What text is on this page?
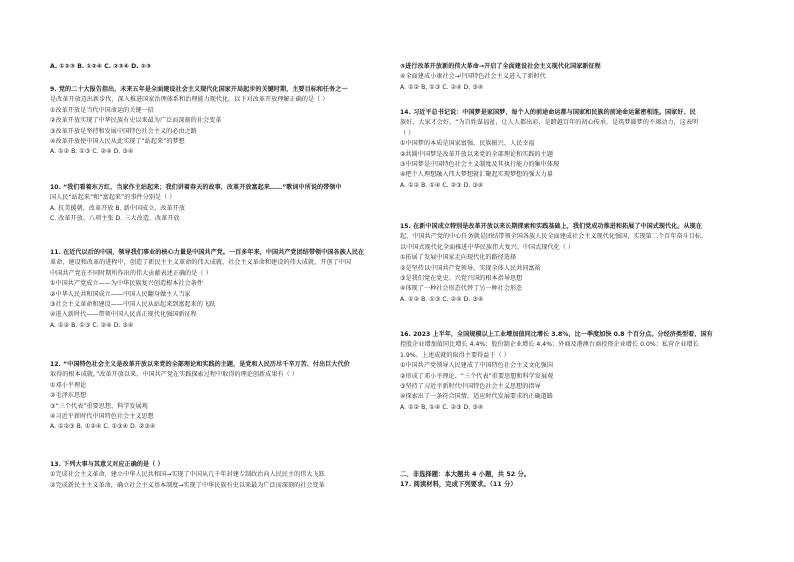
A. ①②③ B. ①②④ C. ②③④ D. ②③
9. 党的二十大报告指出，未来五年是全面建设社会主义现代化国家开局起步的关键时期，主要目标和任务之一
是改革开放迈出新步伐，深入推进国家治理体系和治理能力现代化。以下对改革开放理解正确的是（ ）
①改革开放是当代中国命运的关键一招
②改革开放实现了中华民族有史以来最为广泛而深刻的社会变革
③改革开放是坚持和发展中国特色社会主义的必由之路
④改革开放使中国人民从此实现了“站起来”的梦想
A. ①② B. ①③ C. ②④ D. ③④
10. “我们看着东方红，当家作主站起来；我们讲着春天的故事，改革开放富起来……”歌词中所说的带领中
国人民“站起来”和“富起来”的事件分别是（ ）
A. 抗美援朝、改革开放 B. 新中国成立、改革开放
C. 改革开放、八项主张 D. 三大改造、改革开放
11. 在近代以后的中国，领导我们事业的核心力量是中国共产党。一百多年来，中国共产党团结带领中国各族人民在
革命、建设和改革的进程中，创造了新民主主义革命的伟大成就、社会主义革命和建设的伟大成就，开创了中国
中国共产党在不同时期所作出的伟大贡献表述正确的是（ ）
①中国共产党成立——为中华民族复兴创造根本社会条件
②中华人民共和国成立——中国人民翻身做主人当家
③社会主义革命和建设——中国人民从站起来到富起来的飞跃
④进入新时代——带领中国人民真正现代化强国新征程
A. ①② B. ①③ C. ②④ D. ③④
12. “中国特色社会主义是改革开放以来党的全部理论和实践的主题，是党和人民历尽千辛万苦、付出巨大代价
取得的根本成就。”改革开放以来，中国共产党在实践探索过程中取得的理论创新成果有（ ）
①邓小平理论
②毛泽东思想
③“三个代表”重要思想、科学发展观
④习近平新时代中国特色社会主义思想
A. ①②③ B. ①②④ C. ①③④ D. ②③④
13. 下列大事与其意义对应正确的是（ ）
①完成社会主义革命，建立中华人民共和国→实现了中国从几千年封建专制政治向人民民主的伟大飞跃
②完成新民主主义革命，确立社会主义基本制度→实现了中华民族有史以来最为广泛而深刻的社会变革
③进行改革开放新的伟大革命→开启了全面建设社会主义现代化国家新征程
④全面建成小康社会→中国特色社会主义进入了新时代
A. ①② B. ①③ C. ②④ D. ③④
14. 习近平总书记说：中国梦是家国梦，每个人的前途命运都与国家和民族的前途命运紧密相连。国家好、民
族好，大家才会好。“为百姓谋福祉，让人人都出彩，是跨越百年的初心传承，是筑梦圆梦的不竭动力，这表明
（ ）
①中国梦的本质是国家富强、民族振兴、人民幸福
②共圆中国梦是改革开放以来党的全部理论和实践的主题
③中国梦是中国特色社会主义制度及其执行能力的集中体现
④把个人理想融入伟大梦想就汇聚起实现梦想的强大力量
A. ①② B. ①④ C. ②③ D. ③④
15. 在新中国成立特别是改革开放以来长期探索和实践基础上，我们党成功推进和拓展了中国式现代化。从现在
起，中国共产党的中心任务就是团结带领全国各族人民全面建成社会主义现代化强国，实现第二个百年奋斗目标，
以中国式现代化全面推进中华民族伟大复兴。中国式现代化（ ）
①拓展了发展中国家走向现代化的路径选择
②是坚持以中国共产党领导，实现全体人民共同富裕
③是我们党在党史、兴党兴国的根本指导思想
④体现了一种社会形态代替了另一种社会形态
A. ①② B. ①③ C. ②④ D. ③④
16. 2023 上半年，全国规模以上工业增加值同比增长 3.8%，比一季度加快 0.8 个百分点。分经济类型看，国有
控股企业增加值同比增长 4.4%；股份制企业增长 4.4%；外商及港澳台商投资企业增长 0.0%；私营企业增长
1.9%。上述成就的取得主要得益于（ ）
①中国共产党领导人民建成了中国特色社会主义文化强国
②形成了邓小平理论、“三个代表”重要思想和科学发展观
③坚持了习近平新时代中国特色社会主义思想的指导
④探索出了一条符合国情、适应时代发展要求的正确道路
A. ①② B. ①④ C. ②③ D. ③④
二、非选择题：本大题共 4 小题，共 52 分。
17. 阅读材料，完成下列要求。（11 分）
